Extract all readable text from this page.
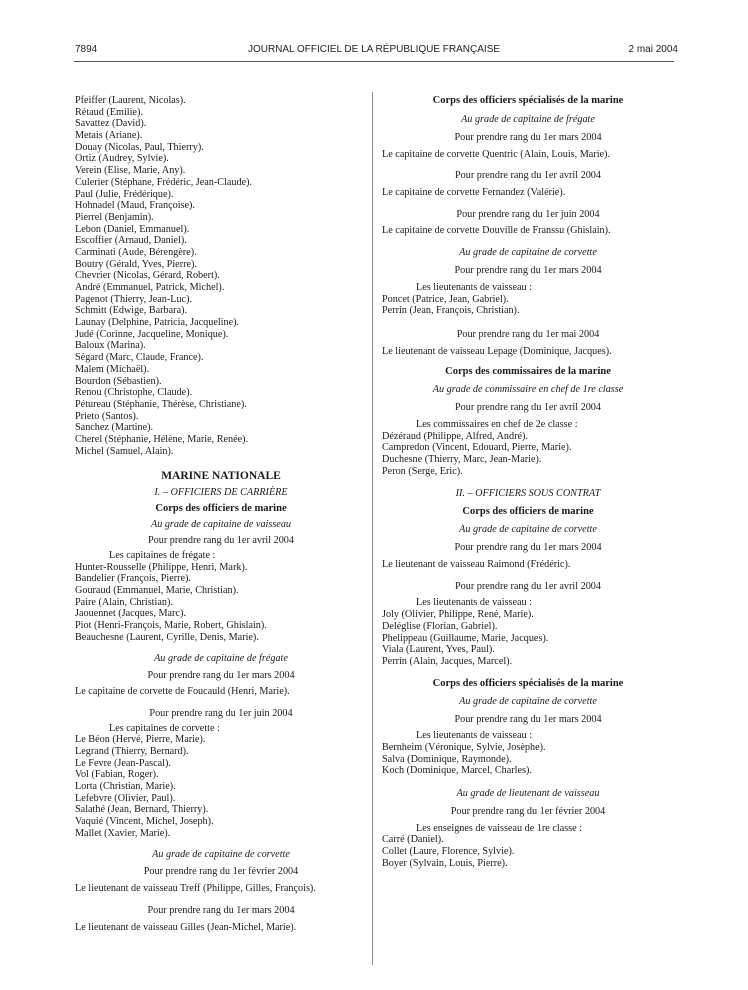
7894	JOURNAL OFFICIEL DE LA RÉPUBLIQUE FRANÇAISE	2 mai 2004
Pfeiffer (Laurent, Nicolas).
Rétaud (Emilie).
Savattez (David).
Metais (Ariane).
Douay (Nicolas, Paul, Thierry).
Ortiz (Audrey, Sylvie).
Verein (Elise, Marie, Any).
Culerier (Stéphane, Frédéric, Jean-Claude).
Paul (Julie, Frédérique).
Hohnadel (Maud, Françoise).
Pierrel (Benjamin).
Lebon (Daniel, Emmanuel).
Escoffier (Arnaud, Daniel).
Carminati (Aude, Bérengère).
Boutry (Gérald, Yves, Pierre).
Chevrier (Nicolas, Gérard, Robert).
André (Emmanuel, Patrick, Michel).
Pagenot (Thierry, Jean-Luc).
Schmitt (Edwige, Barbara).
Launay (Delphine, Patricia, Jacqueline).
Judé (Corinne, Jacqueline, Monique).
Baloux (Marina).
Ségard (Marc, Claude, France).
Malem (Michaël).
Bourdon (Sébastien).
Renou (Christophe, Claude).
Pétureau (Stéphanie, Thérèse, Christiane).
Prieto (Santos).
Sanchez (Martine).
Cherel (Stéphanie, Hélène, Marie, Renée).
Michel (Samuel, Alain).
MARINE NATIONALE
I. – OFFICIERS DE CARRIÈRE
Corps des officiers de marine
Au grade de capitaine de vaisseau
Pour prendre rang du 1er avril 2004
Les capitaines de frégate :
Hunter-Rousselle (Philippe, Henri, Mark).
Bandelier (François, Pierre).
Gouraud (Emmanuel, Marie, Christian).
Paire (Alain, Christian).
Jaouennet (Jacques, Marc).
Piot (Henri-François, Marie, Robert, Ghislain).
Beauchesne (Laurent, Cyrille, Denis, Marie).
Au grade de capitaine de frégate
Pour prendre rang du 1er mars 2004
Le capitaine de corvette de Foucauld (Henri, Marie).
Pour prendre rang du 1er juin 2004
Les capitaines de corvette :
Le Béon (Hervé, Pierre, Marie).
Legrand (Thierry, Bernard).
Le Fevre (Jean-Pascal).
Vol (Fabian, Roger).
Lorta (Christian, Marie).
Lefebvre (Olivier, Paul).
Salathé (Jean, Bernard, Thierry).
Vaquié (Vincent, Michel, Joseph).
Mallet (Xavier, Marie).
Au grade de capitaine de corvette
Pour prendre rang du 1er février 2004
Le lieutenant de vaisseau Treff (Philippe, Gilles, François).
Pour prendre rang du 1er mars 2004
Le lieutenant de vaisseau Gilles (Jean-Michel, Marie).
Corps des officiers spécialisés de la marine
Au grade de capitaine de frégate
Pour prendre rang du 1er mars 2004
Le capitaine de corvette Quentric (Alain, Louis, Marie).
Pour prendre rang du 1er avril 2004
Le capitaine de corvette Fernandez (Valérie).
Pour prendre rang du 1er juin 2004
Le capitaine de corvette Douville de Franssu (Ghislain).
Au grade de capitaine de corvette
Pour prendre rang du 1er mars 2004
Les lieutenants de vaisseau :
Poncet (Patrice, Jean, Gabriel).
Perrin (Jean, François, Christian).
Pour prendre rang du 1er mai 2004
Le lieutenant de vaisseau Lepage (Dominique, Jacques).
Corps des commissaires de la marine
Au grade de commissaire en chef de 1re classe
Pour prendre rang du 1er avril 2004
Les commissaires en chef de 2e classe :
Dézéraud (Philippe, Alfred, André).
Campredon (Vincent, Edouard, Pierre, Marie).
Duchesne (Thierry, Marc, Jean-Marie).
Peron (Serge, Eric).
II. – OFFICIERS SOUS CONTRAT
Corps des officiers de marine
Au grade de capitaine de corvette
Pour prendre rang du 1er mars 2004
Le lieutenant de vaisseau Raimond (Frédéric).
Pour prendre rang du 1er avril 2004
Les lieutenants de vaisseau :
Joly (Olivier, Philippe, René, Marie).
Deléglise (Florian, Gabriel).
Phelippeau (Guillaume, Marie, Jacques).
Viala (Laurent, Yves, Paul).
Perrin (Alain, Jacques, Marcel).
Corps des officiers spécialisés de la marine
Au grade de capitaine de corvette
Pour prendre rang du 1er mars 2004
Les lieutenants de vaisseau :
Bernheim (Véronique, Sylvie, Josèphe).
Salva (Dominique, Raymonde).
Koch (Dominique, Marcel, Charles).
Au grade de lieutenant de vaisseau
Pour prendre rang du 1er février 2004
Les enseignes de vaisseau de 1re classe :
Carré (Daniel).
Collet (Laure, Florence, Sylvie).
Boyer (Sylvain, Louis, Pierre).
